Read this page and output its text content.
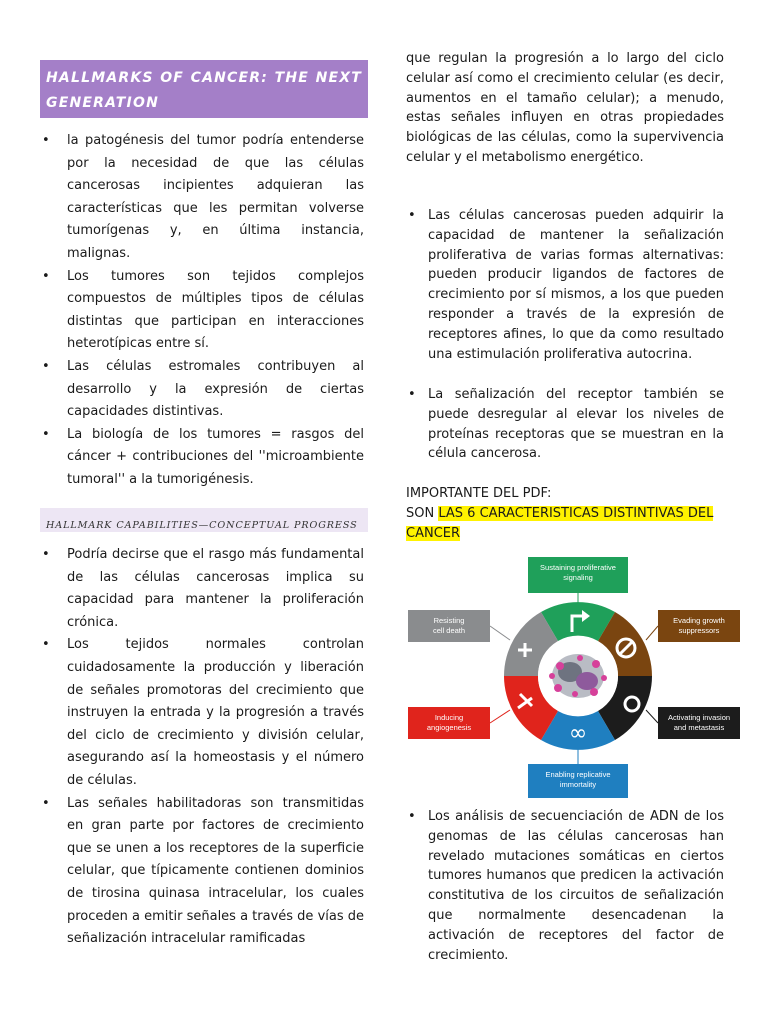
HALLMARKS OF CANCER: THE NEXT GENERATION
• la patogénesis del tumor podría entenderse por la necesidad de que las células cancerosas incipientes adquieran las características que les permitan volverse tumorígenas y, en última instancia, malignas.
• Los tumores son tejidos complejos compuestos de múltiples tipos de células distintas que participan en interacciones heterotípicas entre sí.
• Las células estromales contribuyen al desarrollo y la expresión de ciertas capacidades distintivas.
• La biología de los tumores = rasgos del cáncer + contribuciones del ''microambiente tumoral'' a la tumorigénesis.
HALLMARK CAPABILITIES—CONCEPTUAL PROGRESS
• Podría decirse que el rasgo más fundamental de las células cancerosas implica su capacidad para mantener la proliferación crónica.
• Los tejidos normales controlan cuidadosamente la producción y liberación de señales promotoras del crecimiento que instruyen la entrada y la progresión a través del ciclo de crecimiento y división celular, asegurando así la homeostasis y el número de células.
• Las señales habilitadoras son transmitidas en gran parte por factores de crecimiento que se unen a los receptores de la superficie celular, que típicamente contienen dominios de tirosina quinasa intracelular, los cuales proceden a emitir señales a través de vías de señalización intracelular ramificadas

que regulan la progresión a lo largo del ciclo celular así como el crecimiento celular (es decir, aumentos en el tamaño celular); a menudo, estas señales influyen en otras propiedades biológicas de las células, como la supervivencia celular y el metabolismo energético.

• Las células cancerosas pueden adquirir la capacidad de mantener la señalización proliferativa de varias formas alternativas: pueden producir ligandos de factores de crecimiento por sí mismos, a los que pueden responder a través de la expresión de receptores afines, lo que da como resultado una estimulación proliferativa autocrina.
• La señalización del receptor también se puede desregular al elevar los niveles de proteínas receptoras que se muestran en la célula cancerosa.
IMPORTANTE DEL PDF:
SON LAS 6 CARACTERISTICAS DISTINTIVAS DEL CANCER
Sustaining proliferative
signaling
Evading growth
suppressors
Activating invasion
and metastasis
Enabling replicative
immortality
Inducing
angiogenesis
Resisting
cell death
∞
• Los análisis de secuenciación de ADN de los genomas de las células cancerosas han revelado mutaciones somáticas en ciertos tumores humanos que predicen la activación constitutiva de los circuitos de señalización que normalmente desencadenan la activación de receptores del factor de crecimiento.
